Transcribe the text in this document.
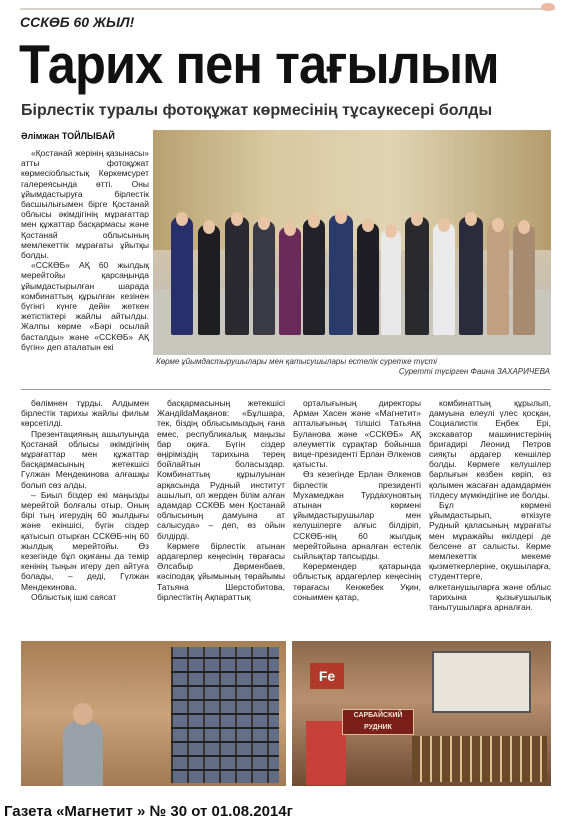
ССКӨБ 60 ЖЫЛ!
Тарих пен тағылым
Бірлестік туралы фотоқұжат көрмесінің тұсаукесері болды
Әлімжан ТОЙЛЫБАЙ

«Қостанай жерінің қазынасы» атты фотоқұжат көрмесіоблыстық Көркемсурет галереясында өтті. Оны ұйымдастыруға бірлестік басшылығымен бірге Қостанай облысы әкімдігінің мұрағаттар мен құжаттар басқармасы және Қостанай облысының мемлекеттік мұрағаты ұйытқы болды.

«ССКӨБ» АҚ 60 жылдық мерейтойы қарсаңында ұйымдастырылған шарада комбинаттың құрылған кезінен бүгінгі күнге дейін жеткен жетістіктері жайлы айтылды. Жалпы көрме «Бәрі осылай басталды» және «ССКӨБ» АҚ бүгін» деп аталатын екі

Көрме ұйымдастырушылары мен қатысушылары естелік суретке түсті
Суретті түсірген Фаина ЗАХАРИЧЕВА

бөлімнен тұрды. Алдымен бірлестік тарихы жайлы фильм көрсетілді.

Презентацияның ашылуында Қостанай облысы әкімдігінің мұрағаттар мен құжаттар басқармасының жетекшісі Гүлжан Мендекинова алғашқы болып сөз алды.

– Биыл біздер екі маңызды мерейтой болғалы отыр. Оның бірі тың игерудің 60 жылдығы және екіншісі, бүгін сіздер қатысып отырған ССКӨБ-нің 60 жылдық мерейтойы. Өз кезегінде бұл оқиғаны да темір кенінің тыңын игеру деп айтуға болады, – деді, Гүлжан Мендекинова.

Облыстық ішкі саясат

басқармасының жетекшісі ЖандildаМақанов: «Бұлшара, тек, біздің облысымыздың ғана емес, республикалық маңызы бар оқиға. Бүгін сіздер өңіріміздің тарихына терең бойлайтын боласыздар. Комбинаттың құрылуынан арқасында Рудный институт ашылып, ол жерден білім алған адамдар ССКӨБ мен Қостанай облысының дамуына ат салысуда» – деп, өз ойын білдірді.

Көрмеге бірлестік атынан ардагерлер кеңесінің төрағасы Әлсабыр Дөрменбаев, кәсіподақ ұйымының төрайымы Татьяна Шерстобитова, бірлестіктің Ақпараттық

орталығының директоры Арман Хасен және «Магнетит» апталығының тілшісі Татьяна Буланова және «ССКӨБ» АҚ әлеуметтік сұрақтар бойынша вице-президенті Ерлан Әлкенов қатысты.

Өз кезегінде Ерлан Әлкенов бірлестік президенті Мухамеджан Турдахуновтың атынан көрмені ұйымдастырушылар мен келушілерге алғыс білдіріп, ССКӨБ-нің 60 жылдық мерейтойына арналған естелік сыйлықтар тапсырды.

Көрермендер қатарында облыстық ардагерлер кеңесінің төрағасы Кенжебек Уқин, соныимен қатар,

комбинаттың құрылып, дамуына елеулі үлес қосқан, Социалистік Еңбек Ері, экскаватор машинистерінің бригадирі Леонид Петров сияқты ардагер кеншілер болды. Көрмеге келушілер барлығын көзбен көріп, өз қолымен жасаған адамдармен тілдесу мүмкіндігіне ие болды.

Бұл көрмені ұйымдастырып, өткізуге Рудный қаласының мұрағаты мен мұражайы өкілдері де белсене ат салысты. Көрме мемлекеттік мекеме қызметкерлеріне, оқушыларға, студенттерге, өлкетанушыларға және облыс тарихына қызығушылық танытушыларға арналған.

Fe
САРБАЙСКИЙ РУДНИК
Газета «Магнетит » № 30 от 01.08.2014г
